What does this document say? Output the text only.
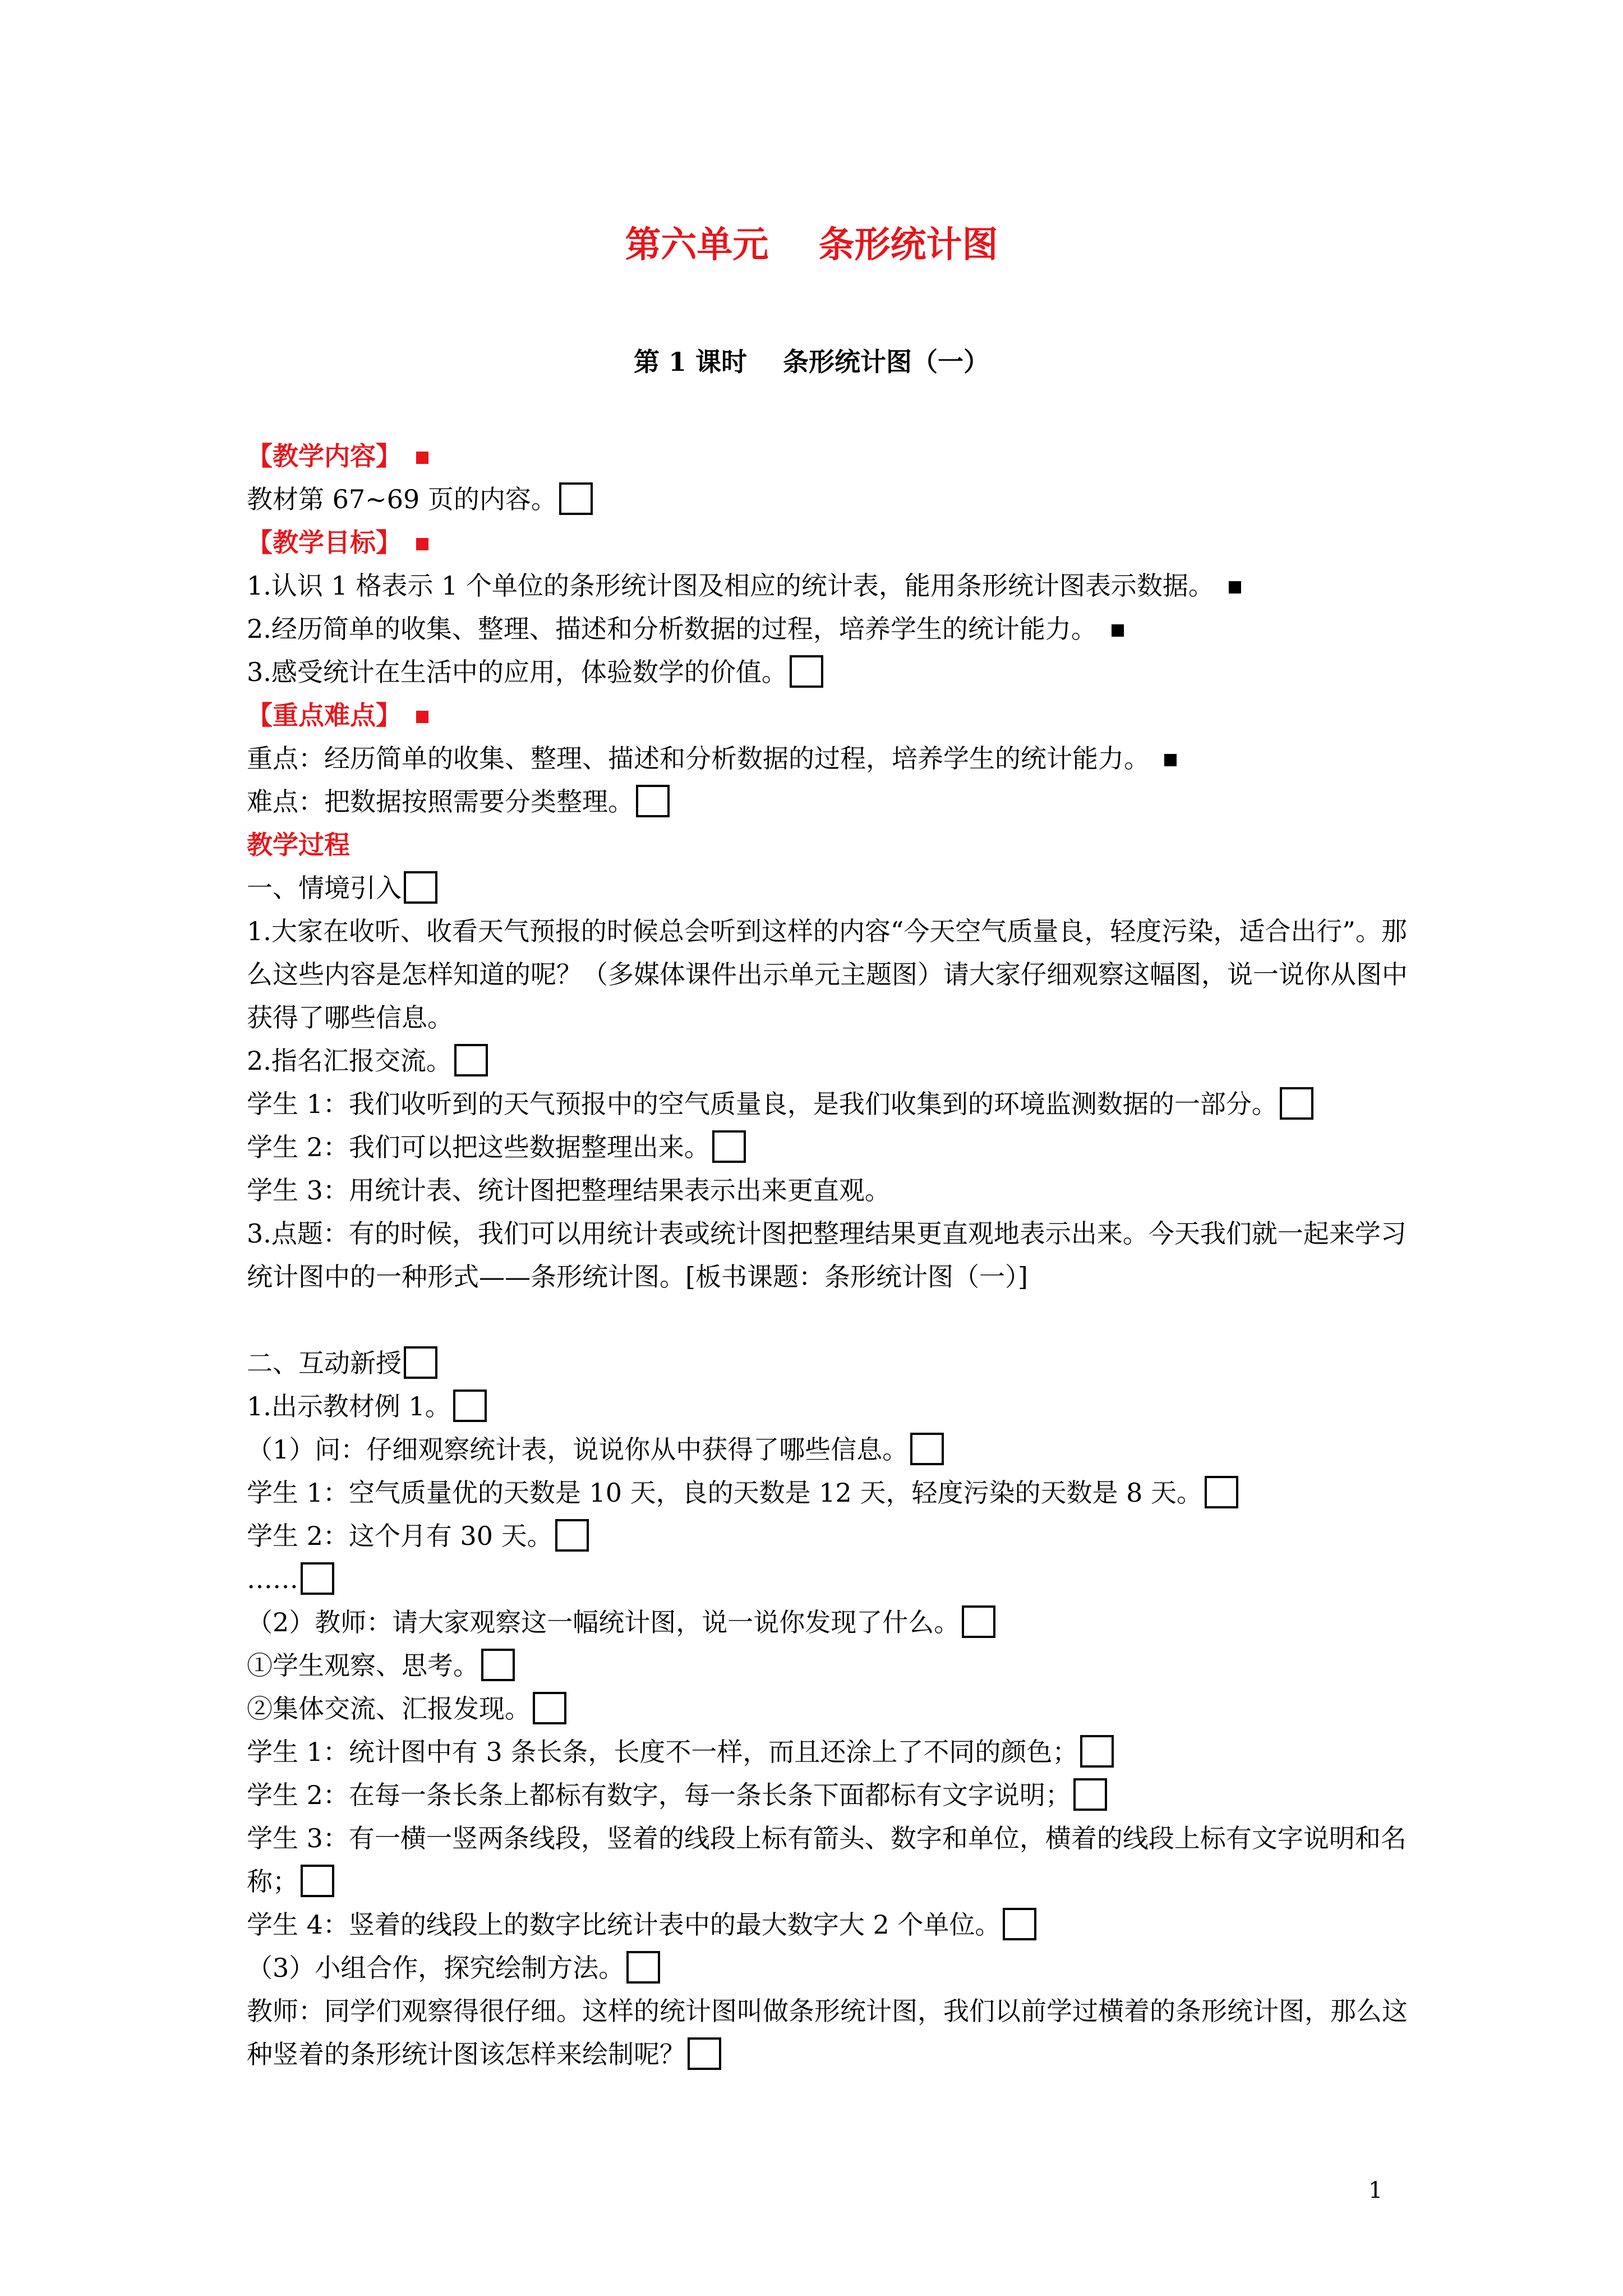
第六单元    条形统计图
第 1 课时    条形统计图（一）
【教学内容】
教材第 67~69 页的内容。
【教学目标】
1.认识 1 格表示 1 个单位的条形统计图及相应的统计表，能用条形统计图表示数据。
2.经历简单的收集、整理、描述和分析数据的过程，培养学生的统计能力。
3.感受统计在生活中的应用，体验数学的价值。
【重点难点】
重点：经历简单的收集、整理、描述和分析数据的过程，培养学生的统计能力。
难点：把数据按照需要分类整理。
教学过程
一、情境引入
1.大家在收听、收看天气预报的时候总会听到这样的内容“今天空气质量良，轻度污染，适合出行”。那么这些内容是怎样知道的呢？（多媒体课件出示单元主题图）请大家仔细观察这幅图，说一说你从图中获得了哪些信息。
2.指名汇报交流。
学生 1：我们收听到的天气预报中的空气质量良，是我们收集到的环境监测数据的一部分。
学生 2：我们可以把这些数据整理出来。
学生 3：用统计表、统计图把整理结果表示出来更直观。
3.点题：有的时候，我们可以用统计表或统计图把整理结果更直观地表示出来。今天我们就一起来学习统计图中的一种形式——条形统计图。[板书课题：条形统计图（一）]
二、互动新授
1.出示教材例 1。
（1）问：仔细观察统计表，说说你从中获得了哪些信息。
学生 1：空气质量优的天数是 10 天，良的天数是 12 天，轻度污染的天数是 8 天。
学生 2：这个月有 30 天。
……
（2）教师：请大家观察这一幅统计图，说一说你发现了什么。
①学生观察、思考。
②集体交流、汇报发现。
学生 1：统计图中有 3 条长条，长度不一样，而且还涂上了不同的颜色；
学生 2：在每一条长条上都标有数字，每一条长条下面都标有文字说明；
学生 3：有一横一竖两条线段，竖着的线段上标有箭头、数字和单位，横着的线段上标有文字说明和名称；
学生 4：竖着的线段上的数字比统计表中的最大数字大 2 个单位。
（3）小组合作，探究绘制方法。
教师：同学们观察得很仔细。这样的统计图叫做条形统计图，我们以前学过横着的条形统计图，那么这种竖着的条形统计图该怎样来绘制呢？
1
